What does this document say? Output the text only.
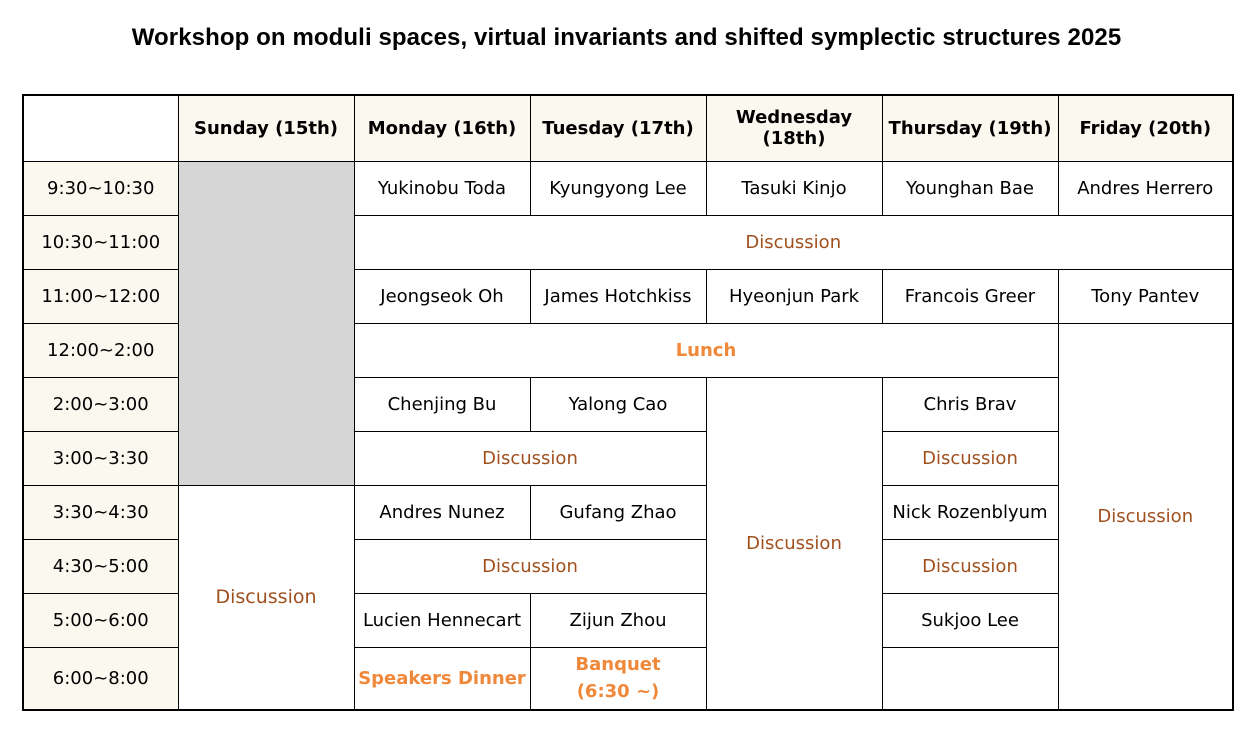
Workshop on moduli spaces, virtual invariants and shifted symplectic structures 2025
	Sunday (15th)	Monday (16th)	Tuesday (17th)	Wednesday (18th)	Thursday (19th)	Friday (20th)
9:30~10:30		Yukinobu Toda	Kyungyong Lee	Tasuki Kinjo	Younghan Bae	Andres Herrero
10:30~11:00		Discussion				
11:00~12:00		Jeongseok Oh	James Hotchkiss	Hyeonjun Park	Francois Greer	Tony Pantev
12:00~2:00		Lunch				Discussion
2:00~3:00		Chenjing Bu	Yalong Cao	Discussion	Chris Brav	
3:00~3:30		Discussion			Discussion	
3:30~4:30	Discussion	Andres Nunez	Gufang Zhao		Nick Rozenblyum	
4:30~5:00		Discussion			Discussion	
5:00~6:00		Lucien Hennecart	Zijun Zhou		Sukjoo Lee	
6:00~8:00		Speakers Dinner	Banquet
(6:30 ~)			
